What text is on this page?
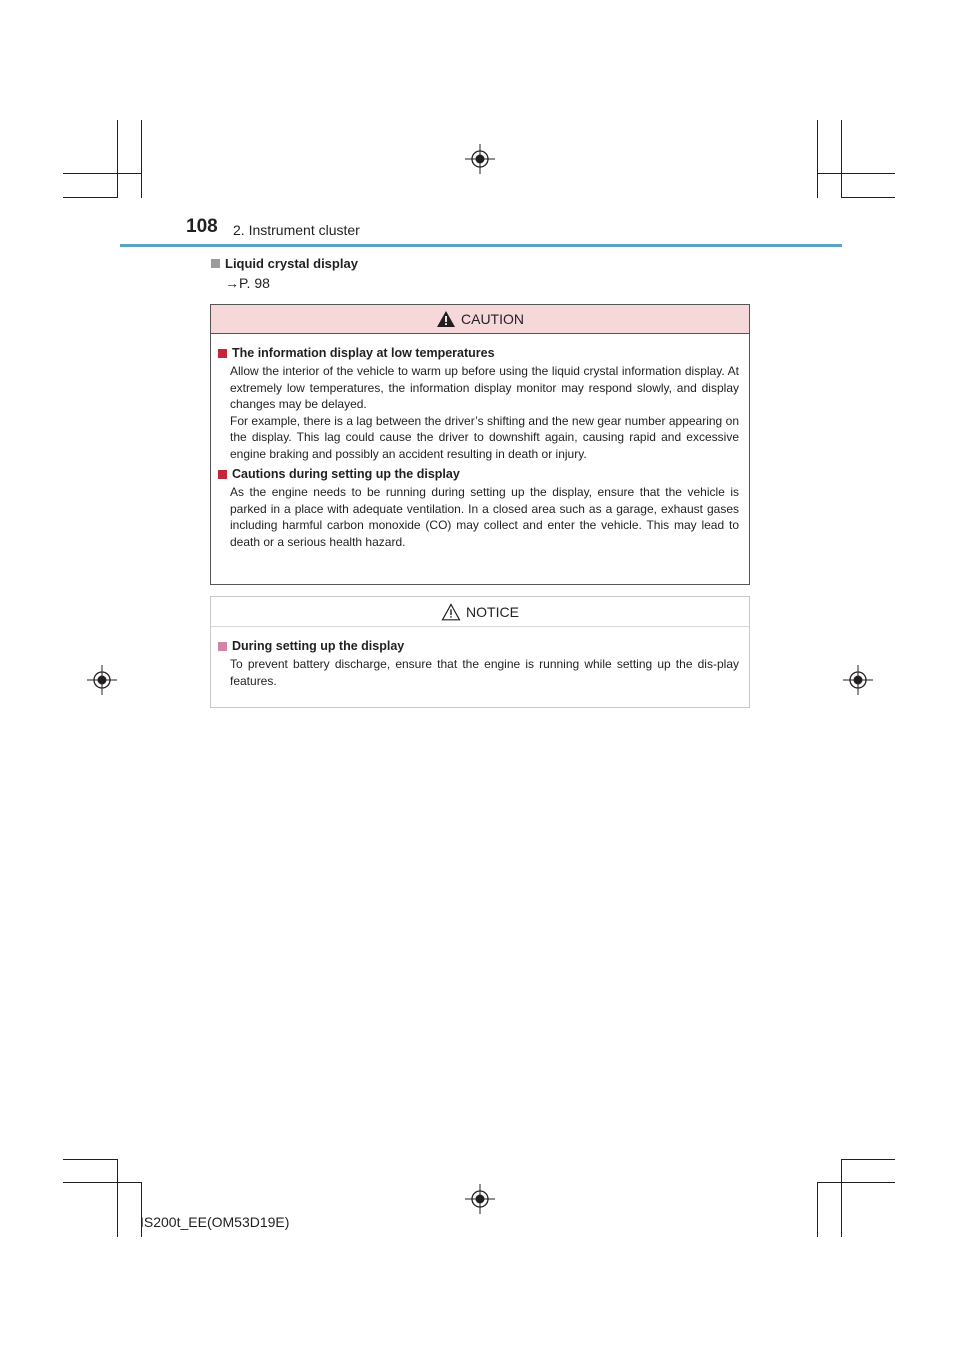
108 2. Instrument cluster
Liquid crystal display
→P. 98
CAUTION
The information display at low temperatures
Allow the interior of the vehicle to warm up before using the liquid crystal information display. At extremely low temperatures, the information display monitor may respond slowly, and display changes may be delayed.
For example, there is a lag between the driver’s shifting and the new gear number appearing on the display. This lag could cause the driver to downshift again, causing rapid and excessive engine braking and possibly an accident resulting in death or injury.
Cautions during setting up the display
As the engine needs to be running during setting up the display, ensure that the vehicle is parked in a place with adequate ventilation. In a closed area such as a garage, exhaust gases including harmful carbon monoxide (CO) may collect and enter the vehicle. This may lead to death or a serious health hazard.
NOTICE
During setting up the display
To prevent battery discharge, ensure that the engine is running while setting up the dis-play features.
IS200t_EE(OM53D19E)
